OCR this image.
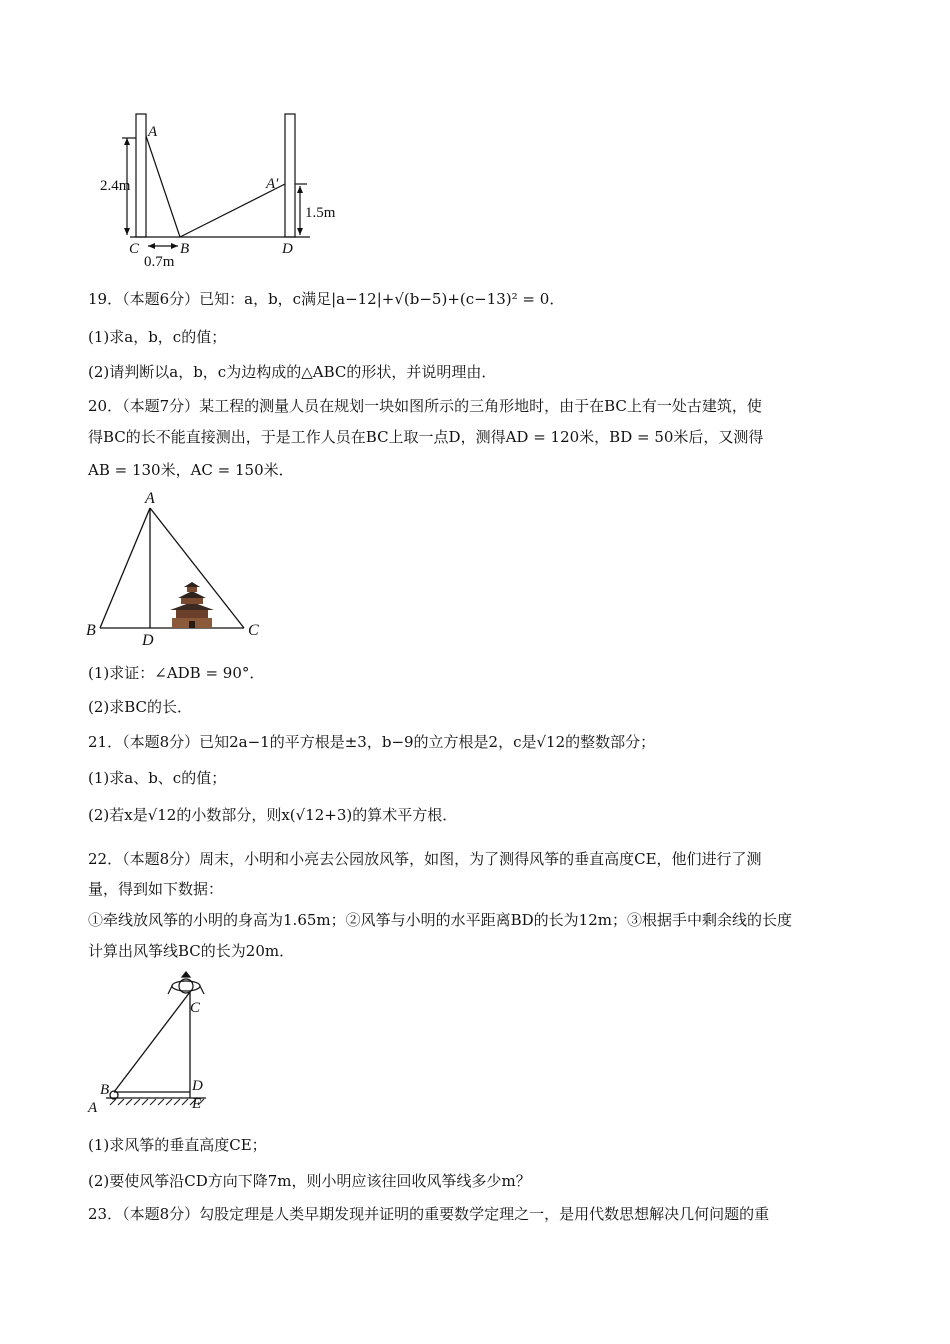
A
A′
C	B	D
2.4m
1.5m
0.7m
19．（本题6分）已知：a，b，c满足|a−12|+√(b−5)+(c−13)² = 0．
(1)求a，b，c的值；
(2)请判断以a，b，c为边构成的△ABC的形状，并说明理由．
20．（本题7分）某工程的测量人员在规划一块如图所示的三角形地时，由于在BC上有一处古建筑，使
得BC的长不能直接测出，于是工作人员在BC上取一点D，测得AD = 120米，BD = 50米后，又测得
AB = 130米，AC = 150米．
A
B
D
C
(1)求证：∠ADB = 90°．
(2)求BC的长．
21．（本题8分）已知2a−1的平方根是±3，b−9的立方根是2，c是√12的整数部分；
(1)求a、b、c的值；
(2)若x是√12的小数部分，则x(√12+3)的算术平方根．
22．（本题8分）周末，小明和小亮去公园放风筝，如图，为了测得风筝的垂直高度CE，他们进行了测
量，得到如下数据：
①牵线放风筝的小明的身高为1.65m；②风筝与小明的水平距离BD的长为12m；③根据手中剩余线的长度
计算出风筝线BC的长为20m．
C
D
E
B
A
(1)求风筝的垂直高度CE；
(2)要使风筝沿CD方向下降7m，则小明应该往回收风筝线多少m？
23．（本题8分）勾股定理是人类早期发现并证明的重要数学定理之一，是用代数思想解决几何问题的重
